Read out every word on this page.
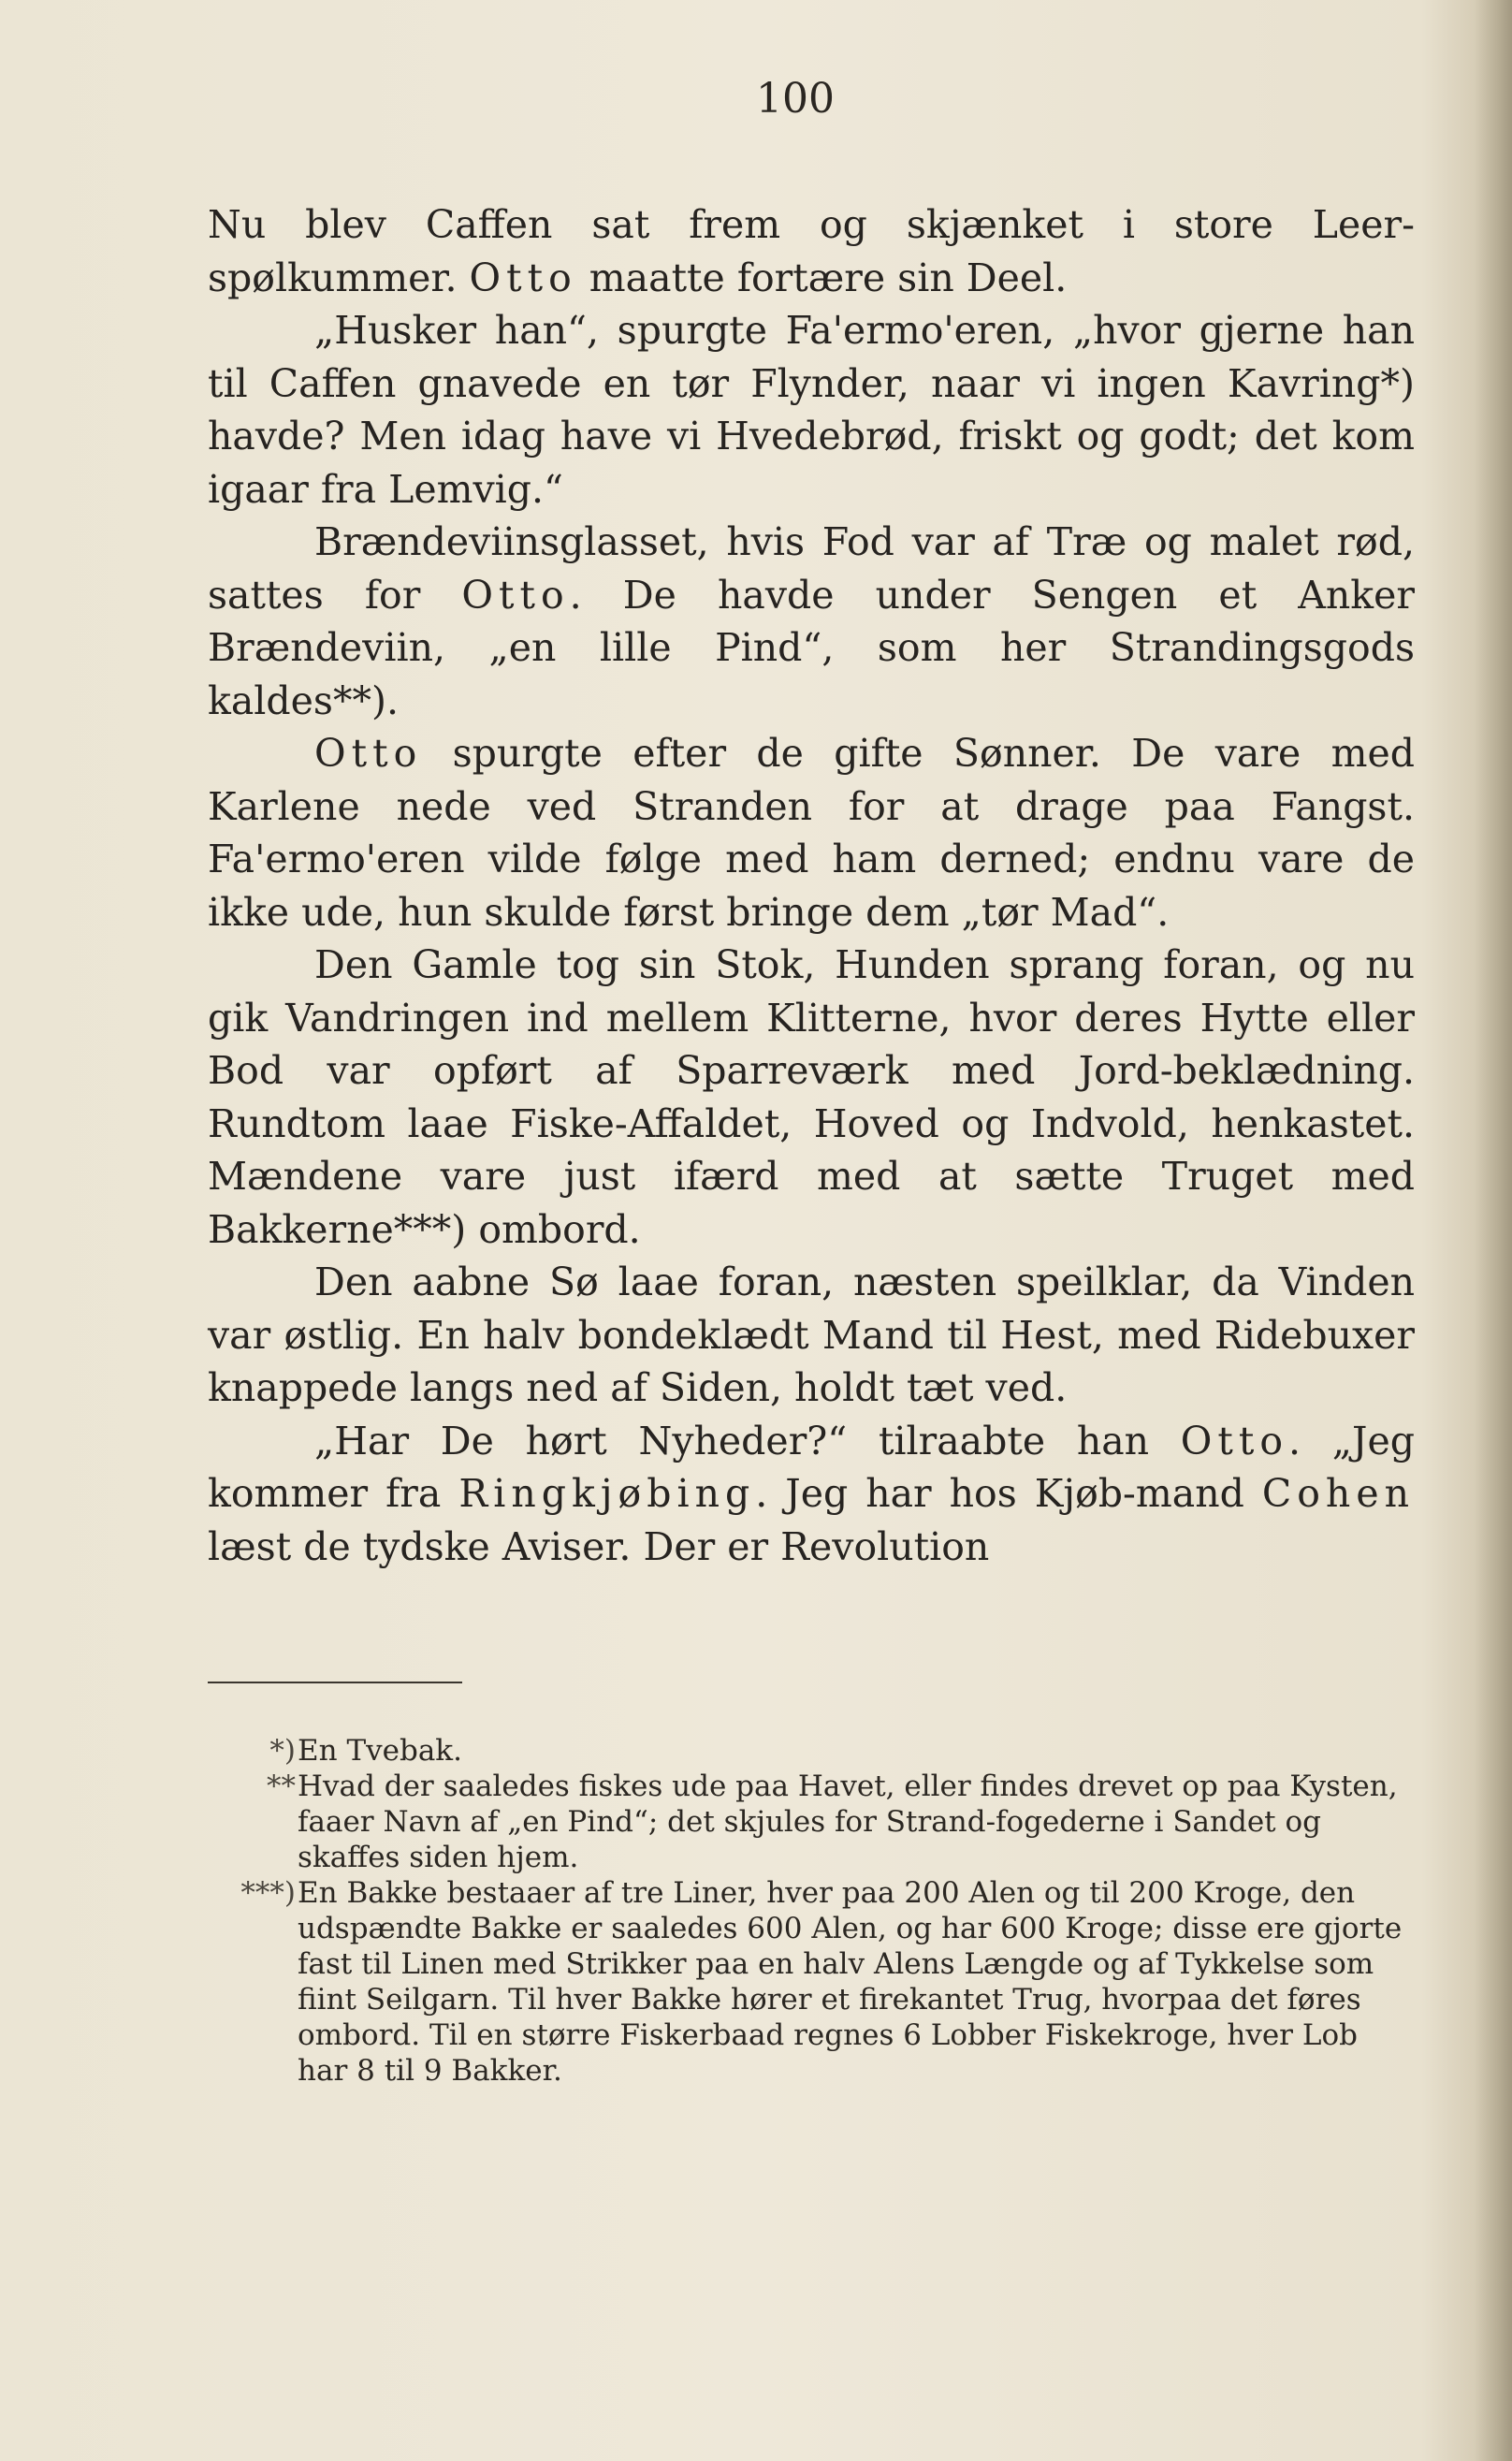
100

Nu blev Caffen sat frem og skjænket i store Leer-spølkummer. Otto maatte fortære sin Deel.

„Husker han“, spurgte Fa'ermo'eren, „hvor gjerne han til Caffen gnavede en tør Flynder, naar vi ingen Kavring*) havde? Men idag have vi Hvedebrød, friskt og godt; det kom igaar fra Lemvig.“

Brændeviinsglasset, hvis Fod var af Træ og malet rød, sattes for Otto. De havde under Sengen et Anker Brændeviin, „en lille Pind“, som her Strandingsgods kaldes**).

Otto spurgte efter de gifte Sønner. De vare med Karlene nede ved Stranden for at drage paa Fangst. Fa'ermo'eren vilde følge med ham derned; endnu vare de ikke ude, hun skulde først bringe dem „tør Mad“.

Den Gamle tog sin Stok, Hunden sprang foran, og nu gik Vandringen ind mellem Klitterne, hvor deres Hytte eller Bod var opført af Sparreværk med Jord-beklædning. Rundtom laae Fiske-Affaldet, Hoved og Indvold, henkastet. Mændene vare just ifærd med at sætte Truget med Bakkerne***) ombord.

Den aabne Sø laae foran, næsten speilklar, da Vinden var østlig. En halv bondeklædt Mand til Hest, med Ridebuxer knappede langs ned af Siden, holdt tæt ved.

„Har De hørt Nyheder?“ tilraabte han Otto. „Jeg kommer fra Ringkjøbing. Jeg har hos Kjøb-mand Cohen læst de tydske Aviser. Der er Revolution

*) En Tvebak.

** Hvad der saaledes fiskes ude paa Havet, eller findes drevet op paa Kysten, faaer Navn af „en Pind“; det skjules for Strand-fogederne i Sandet og skaffes siden hjem.

***) En Bakke bestaaer af tre Liner, hver paa 200 Alen og til 200 Kroge, den udspændte Bakke er saaledes 600 Alen, og har 600 Kroge; disse ere gjorte fast til Linen med Strikker paa en halv Alens Længde og af Tykkelse som fiint Seilgarn. Til hver Bakke hører et firekantet Trug, hvorpaa det føres ombord. Til en større Fiskerbaad regnes 6 Lobber Fiskekroge, hver Lob har 8 til 9 Bakker.
